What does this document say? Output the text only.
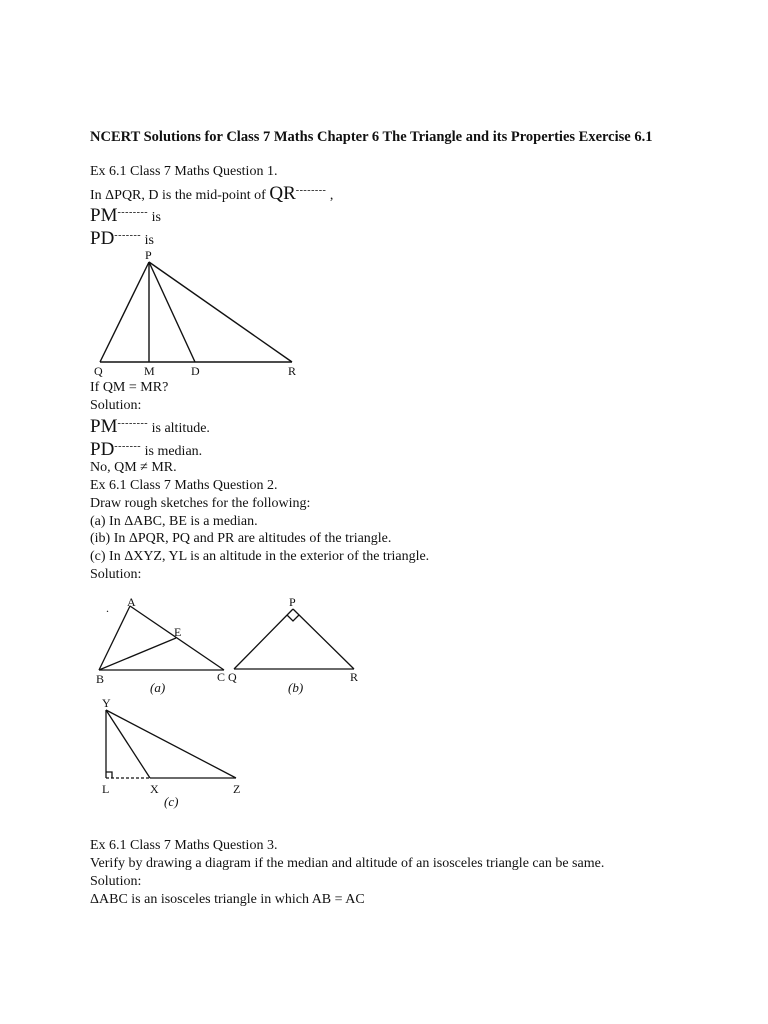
NCERT Solutions for Class 7 Maths Chapter 6 The Triangle and its Properties Exercise 6.1
Ex 6.1 Class 7 Maths Question 1.
In ΔPQR, D is the mid-point of QR-------- ,
PM-------- is
PD------- is
P
Q	M	D	R
If QM = MR?
Solution:
PM-------- is altitude.
PD------- is median.
No, QM ≠ MR.
Ex 6.1 Class 7 Maths Question 2.
Draw rough sketches for the following:
(a) In ΔABC, BE is a median.
(ib) In ΔPQR, PQ and PR are altitudes of the triangle.
(c) In ΔXYZ, YL is an altitude in the exterior of the triangle.
Solution:
A
B	C
E
(a)
.	P
Q	R
(b)
Y
L	X	Z
(c)
Ex 6.1 Class 7 Maths Question 3.
Verify by drawing a diagram if the median and altitude of an isosceles triangle can be same.
Solution:
ΔABC is an isosceles triangle in which AB = AC
